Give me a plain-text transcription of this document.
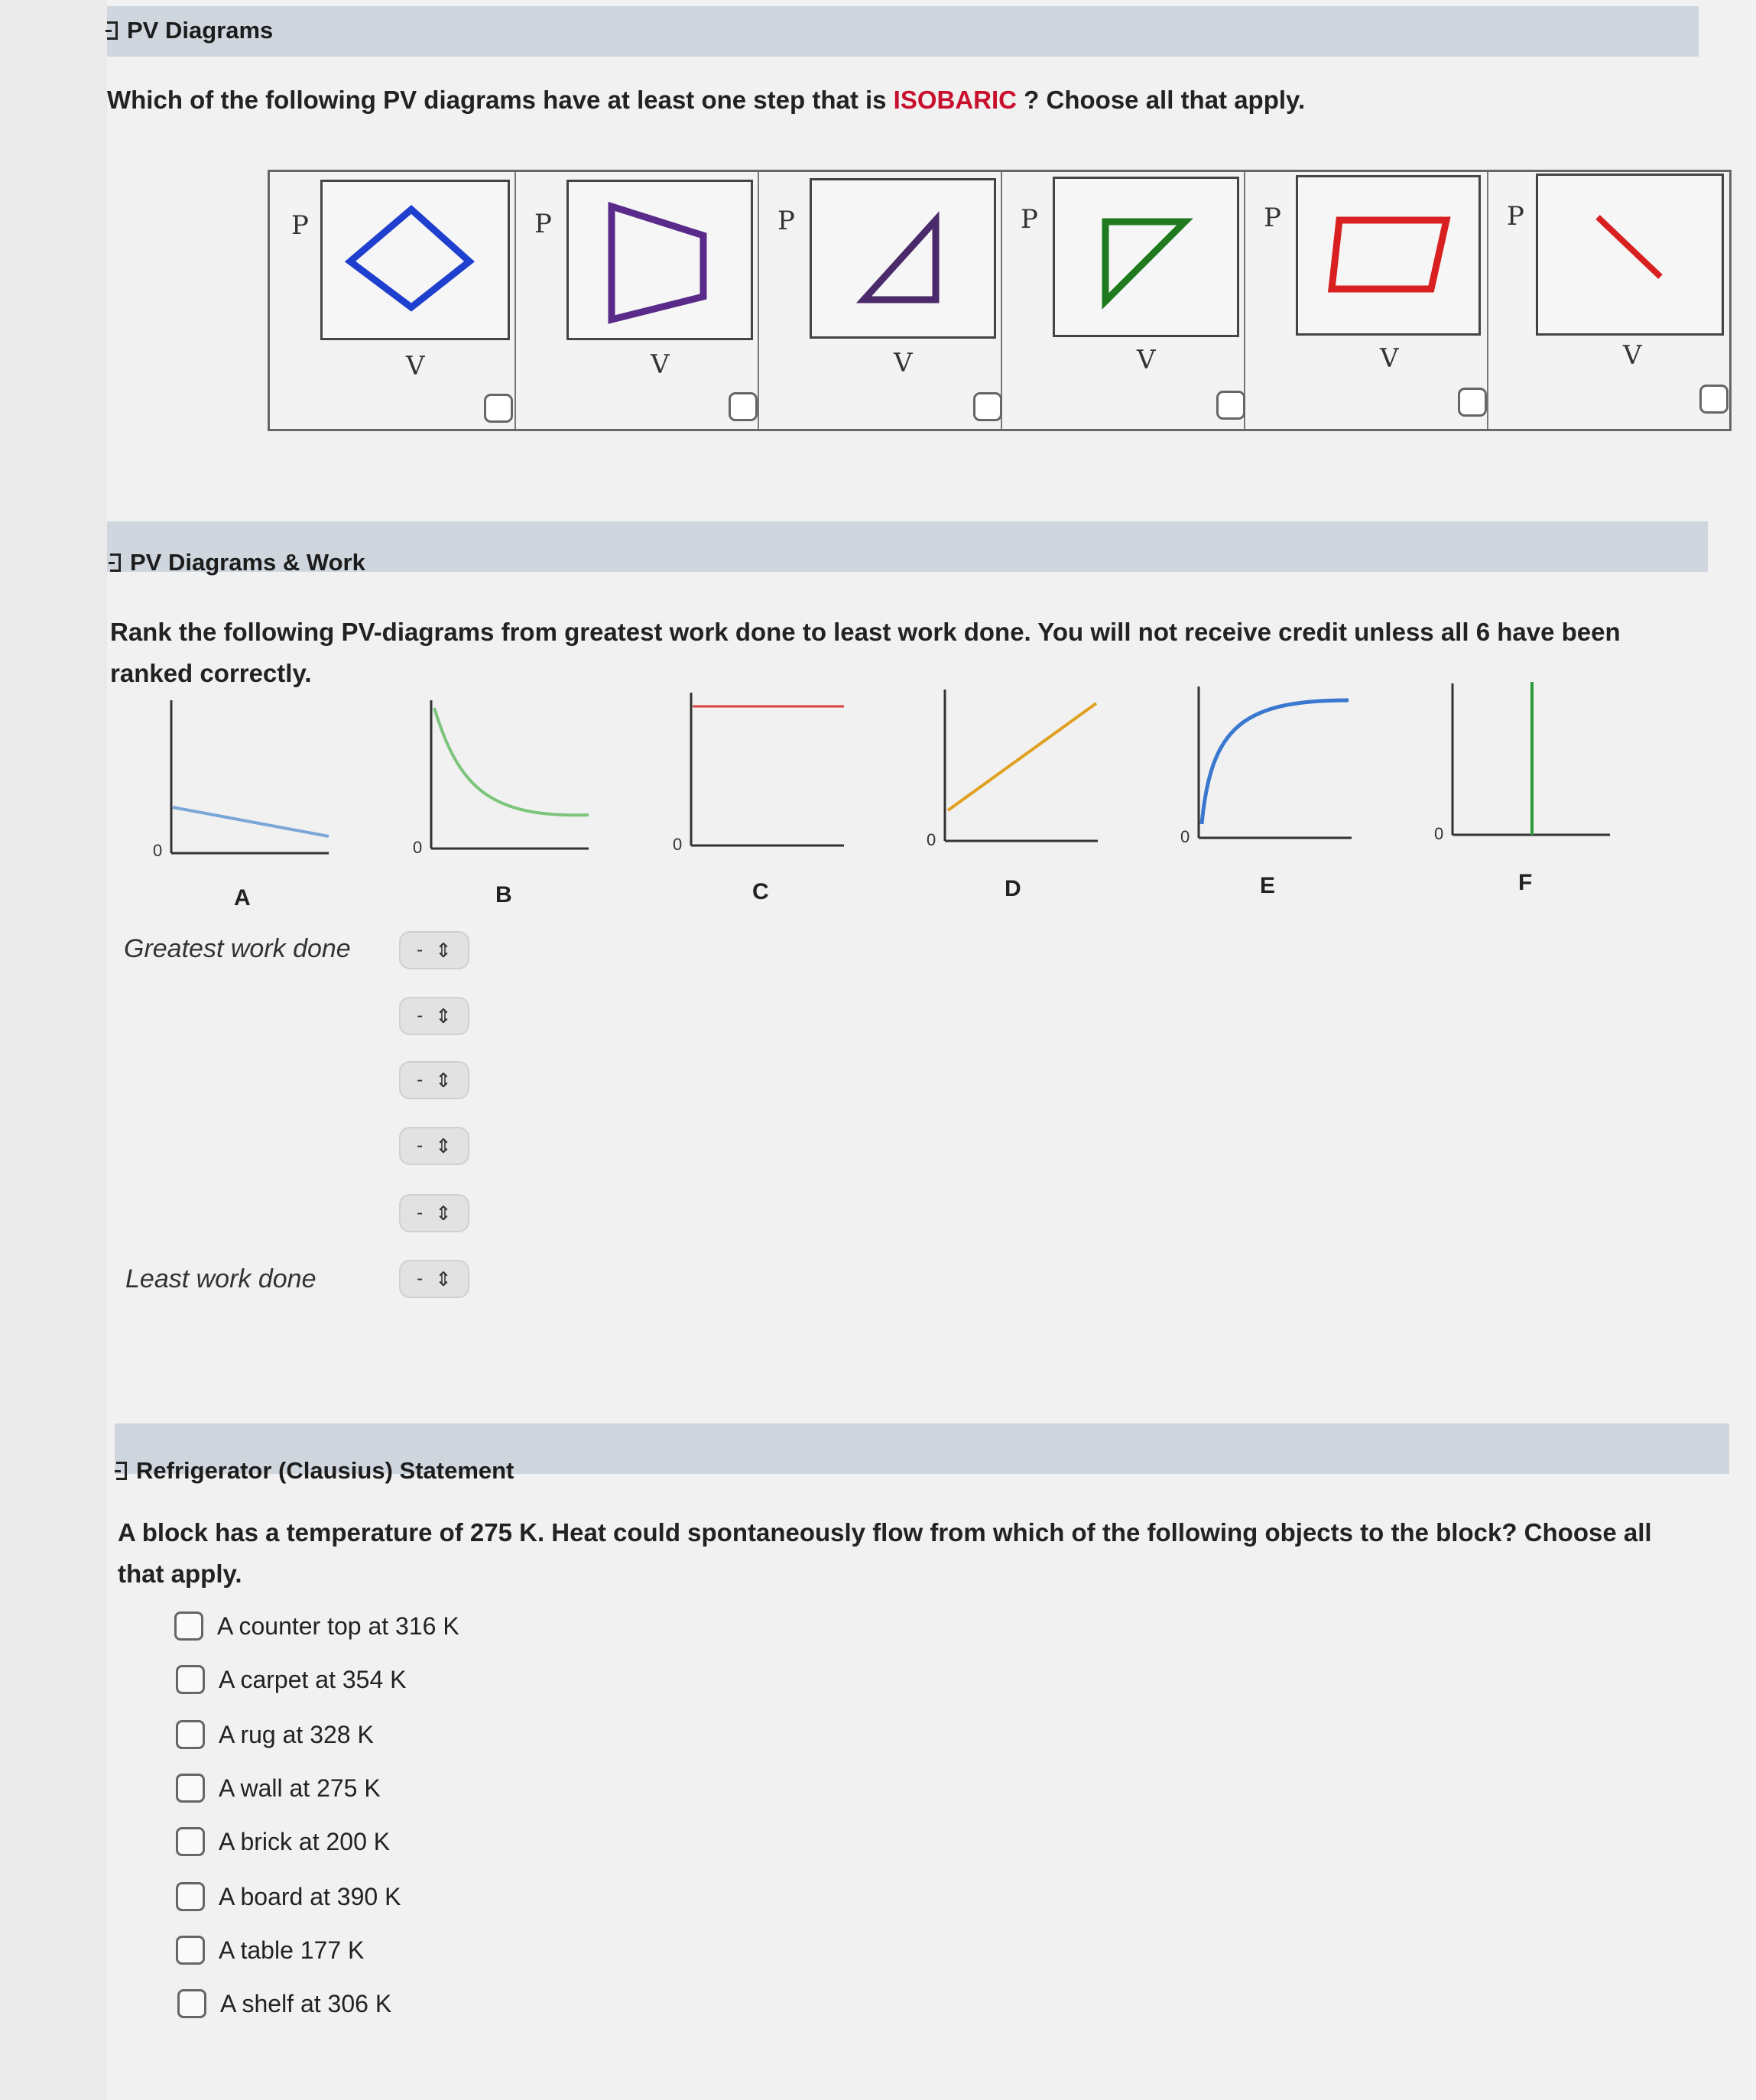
PV Diagrams
Which of the following PV diagrams have at least one step that is ISOBARIC ? Choose all that apply.
P
V
P
V
P
V
P
V
P
V
P
V
PV Diagrams & Work
Rank the following PV-diagrams from greatest work done to least work done. You will not receive credit unless all 6 have been
ranked correctly.
0
A
0
B
0
C
0
D
0
E
0
F
Greatest work done
Least work done
- ⇕
- ⇕
- ⇕
- ⇕
- ⇕
- ⇕
Refrigerator (Clausius) Statement
A block has a temperature of 275 K. Heat could spontaneously flow from which of the following objects to the block? Choose all
that apply.
A counter top at 316 K
A carpet at 354 K
A rug at 328 K
A wall at 275 K
A brick at 200 K
A board at 390 K
A table 177 K
A shelf at 306 K
